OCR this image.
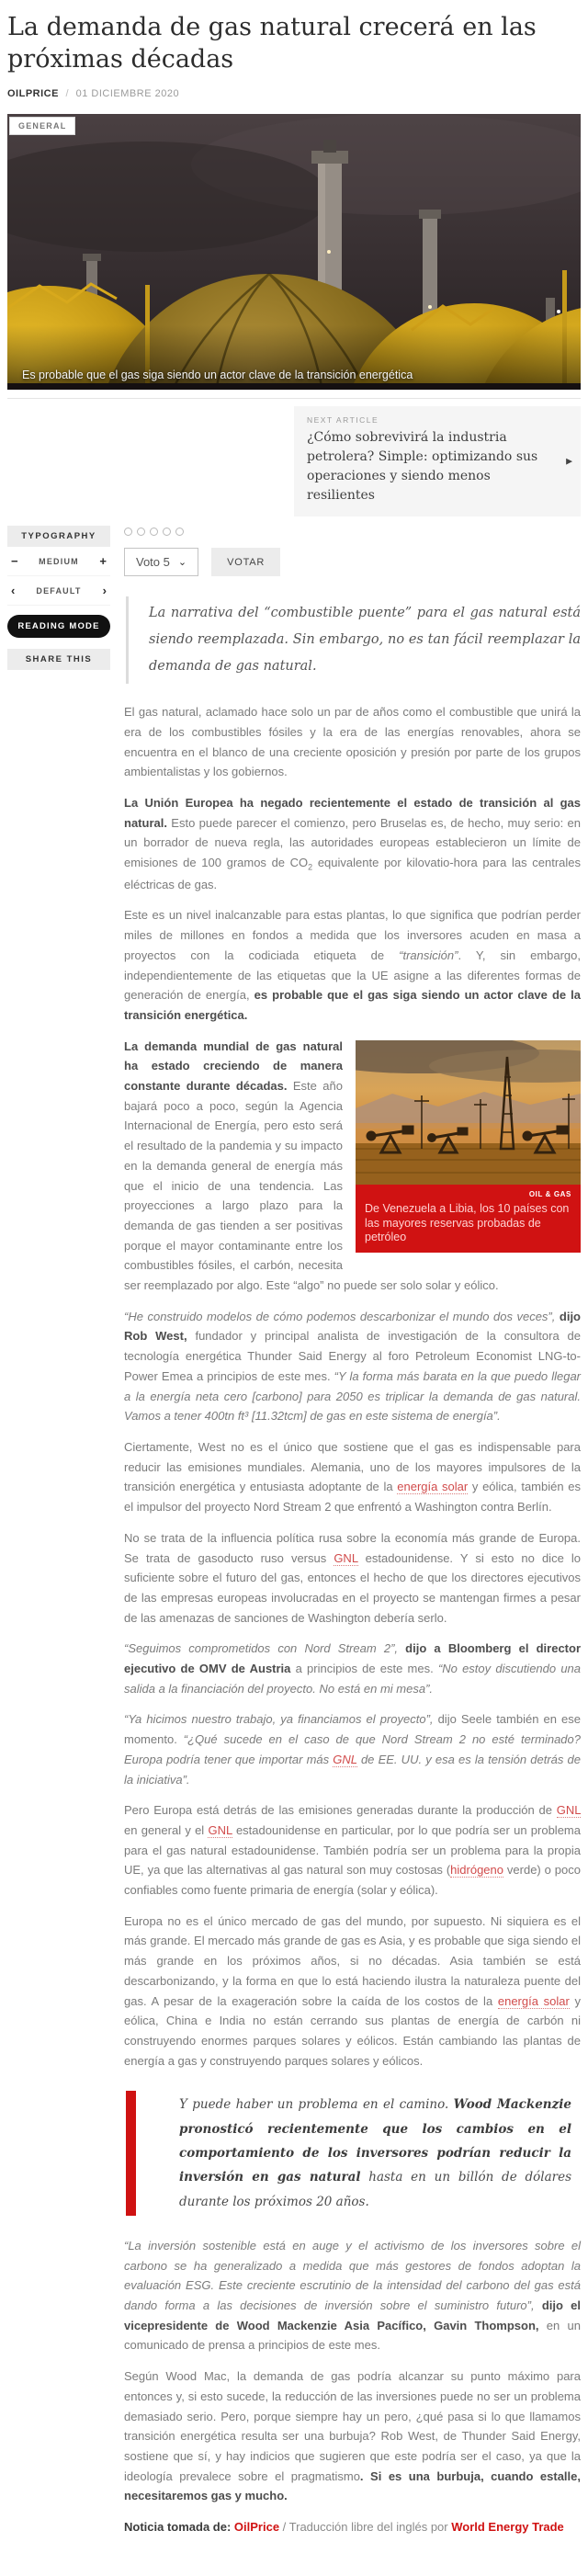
La demanda de gas natural crecerá en las próximas décadas
OILPRICE / 01 DICIEMBRE 2020
GENERAL
Es probable que el gas siga siendo un actor clave de la transición energética
NEXT ARTICLE
¿Cómo sobrevivirá la industria petrolera? Simple: optimizando sus operaciones y siendo menos resilientes
▶
TYPOGRAPHY
−	MEDIUM +
‹	DEFAULT ›
READING MODE
SHARE THIS
Voto 5 ⌄	VOTAR
La narrativa del “combustible puente” para el gas natural está siendo reemplazada. Sin embargo, no es tan fácil reemplazar la demanda de gas natural.

El gas natural, aclamado hace solo un par de años como el combustible que unirá la era de los combustibles fósiles y la era de las energías renovables, ahora se encuentra en el blanco de una creciente oposición y presión por parte de los grupos ambientalistas y los gobiernos.

La Unión Europea ha negado recientemente el estado de transición al gas natural. Esto puede parecer el comienzo, pero Bruselas es, de hecho, muy serio: en un borrador de nueva regla, las autoridades europeas establecieron un límite de emisiones de 100 gramos de $CO_2$ equivalente por kilovatio-hora para las centrales eléctricas de gas.

Este es un nivel inalcanzable para estas plantas, lo que significa que podrían perder miles de millones en fondos a medida que los inversores acuden en masa a proyectos con la codiciada etiqueta de “transición”. Y, sin embargo, independientemente de las etiquetas que la UE asigne a las diferentes formas de generación de energía, es probable que el gas siga siendo un actor clave de la transición energética.

OIL & GAS
De Venezuela a Libia, los 10 países con las mayores reservas probadas de petróleo

La demanda mundial de gas natural ha estado creciendo de manera constante durante décadas. Este año bajará poco a poco, según la Agencia Internacional de Energía, pero esto será el resultado de la pandemia y su impacto en la demanda general de energía más que el inicio de una tendencia. Las proyecciones a largo plazo para la demanda de gas tienden a ser positivas porque el mayor contaminante entre los combustibles fósiles, el carbón, necesita ser reemplazado por algo. Este “algo” no puede ser solo solar y eólico.

“He construido modelos de cómo podemos descarbonizar el mundo dos veces”, dijo Rob West, fundador y principal analista de investigación de la consultora de tecnología energética Thunder Said Energy al foro Petroleum Economist LNG-to-Power Emea a principios de este mes. “Y la forma más barata en la que puedo llegar a la energía neta cero [carbono] para 2050 es triplicar la demanda de gas natural. Vamos a tener 400tn ft³ [11.32tcm] de gas en este sistema de energía”.

Ciertamente, West no es el único que sostiene que el gas es indispensable para reducir las emisiones mundiales. Alemania, uno de los mayores impulsores de la transición energética y entusiasta adoptante de la energía solar y eólica, también es el impulsor del proyecto Nord Stream 2 que enfrentó a Washington contra Berlín.

No se trata de la influencia política rusa sobre la economía más grande de Europa. Se trata de gasoducto ruso versus GNL estadounidense. Y si esto no dice lo suficiente sobre el futuro del gas, entonces el hecho de que los directores ejecutivos de las empresas europeas involucradas en el proyecto se mantengan firmes a pesar de las amenazas de sanciones de Washington debería serlo.

“Seguimos comprometidos con Nord Stream 2”, dijo a Bloomberg el director ejecutivo de OMV de Austria a principios de este mes. “No estoy discutiendo una salida a la financiación del proyecto. No está en mi mesa”.

“Ya hicimos nuestro trabajo, ya financiamos el proyecto”, dijo Seele también en ese momento. “¿Qué sucede en el caso de que Nord Stream 2 no esté terminado? Europa podría tener que importar más GNL de EE. UU. y esa es la tensión detrás de la iniciativa”.

Pero Europa está detrás de las emisiones generadas durante la producción de GNL en general y el GNL estadounidense en particular, por lo que podría ser un problema para el gas natural estadounidense. También podría ser un problema para la propia UE, ya que las alternativas al gas natural son muy costosas (hidrógeno verde) o poco confiables como fuente primaria de energía (solar y eólica).

Europa no es el único mercado de gas del mundo, por supuesto. Ni siquiera es el más grande. El mercado más grande de gas es Asia, y es probable que siga siendo el más grande en los próximos años, si no décadas. Asia también se está descarbonizando, y la forma en que lo está haciendo ilustra la naturaleza puente del gas. A pesar de la exageración sobre la caída de los costos de la energía solar y eólica, China e India no están cerrando sus plantas de energía de carbón ni construyendo enormes parques solares y eólicos. Están cambiando las plantas de energía a gas y construyendo parques solares y eólicos.

Y puede haber un problema en el camino. Wood Mackenzie pronosticó recientemente que los cambios en el comportamiento de los inversores podrían reducir la inversión en gas natural hasta en un billón de dólares durante los próximos 20 años.

“La inversión sostenible está en auge y el activismo de los inversores sobre el carbono se ha generalizado a medida que más gestores de fondos adoptan la evaluación ESG. Este creciente escrutinio de la intensidad del carbono del gas está dando forma a las decisiones de inversión sobre el suministro futuro”, dijo el vicepresidente de Wood Mackenzie Asia Pacífico, Gavin Thompson, en un comunicado de prensa a principios de este mes.

Según Wood Mac, la demanda de gas podría alcanzar su punto máximo para entonces y, si esto sucede, la reducción de las inversiones puede no ser un problema demasiado serio. Pero, porque siempre hay un pero, ¿qué pasa si lo que llamamos transición energética resulta ser una burbuja? Rob West, de Thunder Said Energy, sostiene que sí, y hay indicios que sugieren que este podría ser el caso, ya que la ideología prevalece sobre el pragmatismo. Si es una burbuja, cuando estalle, necesitaremos gas y mucho.

Noticia tomada de: OilPrice / Traducción libre del inglés por World Energy Trade
